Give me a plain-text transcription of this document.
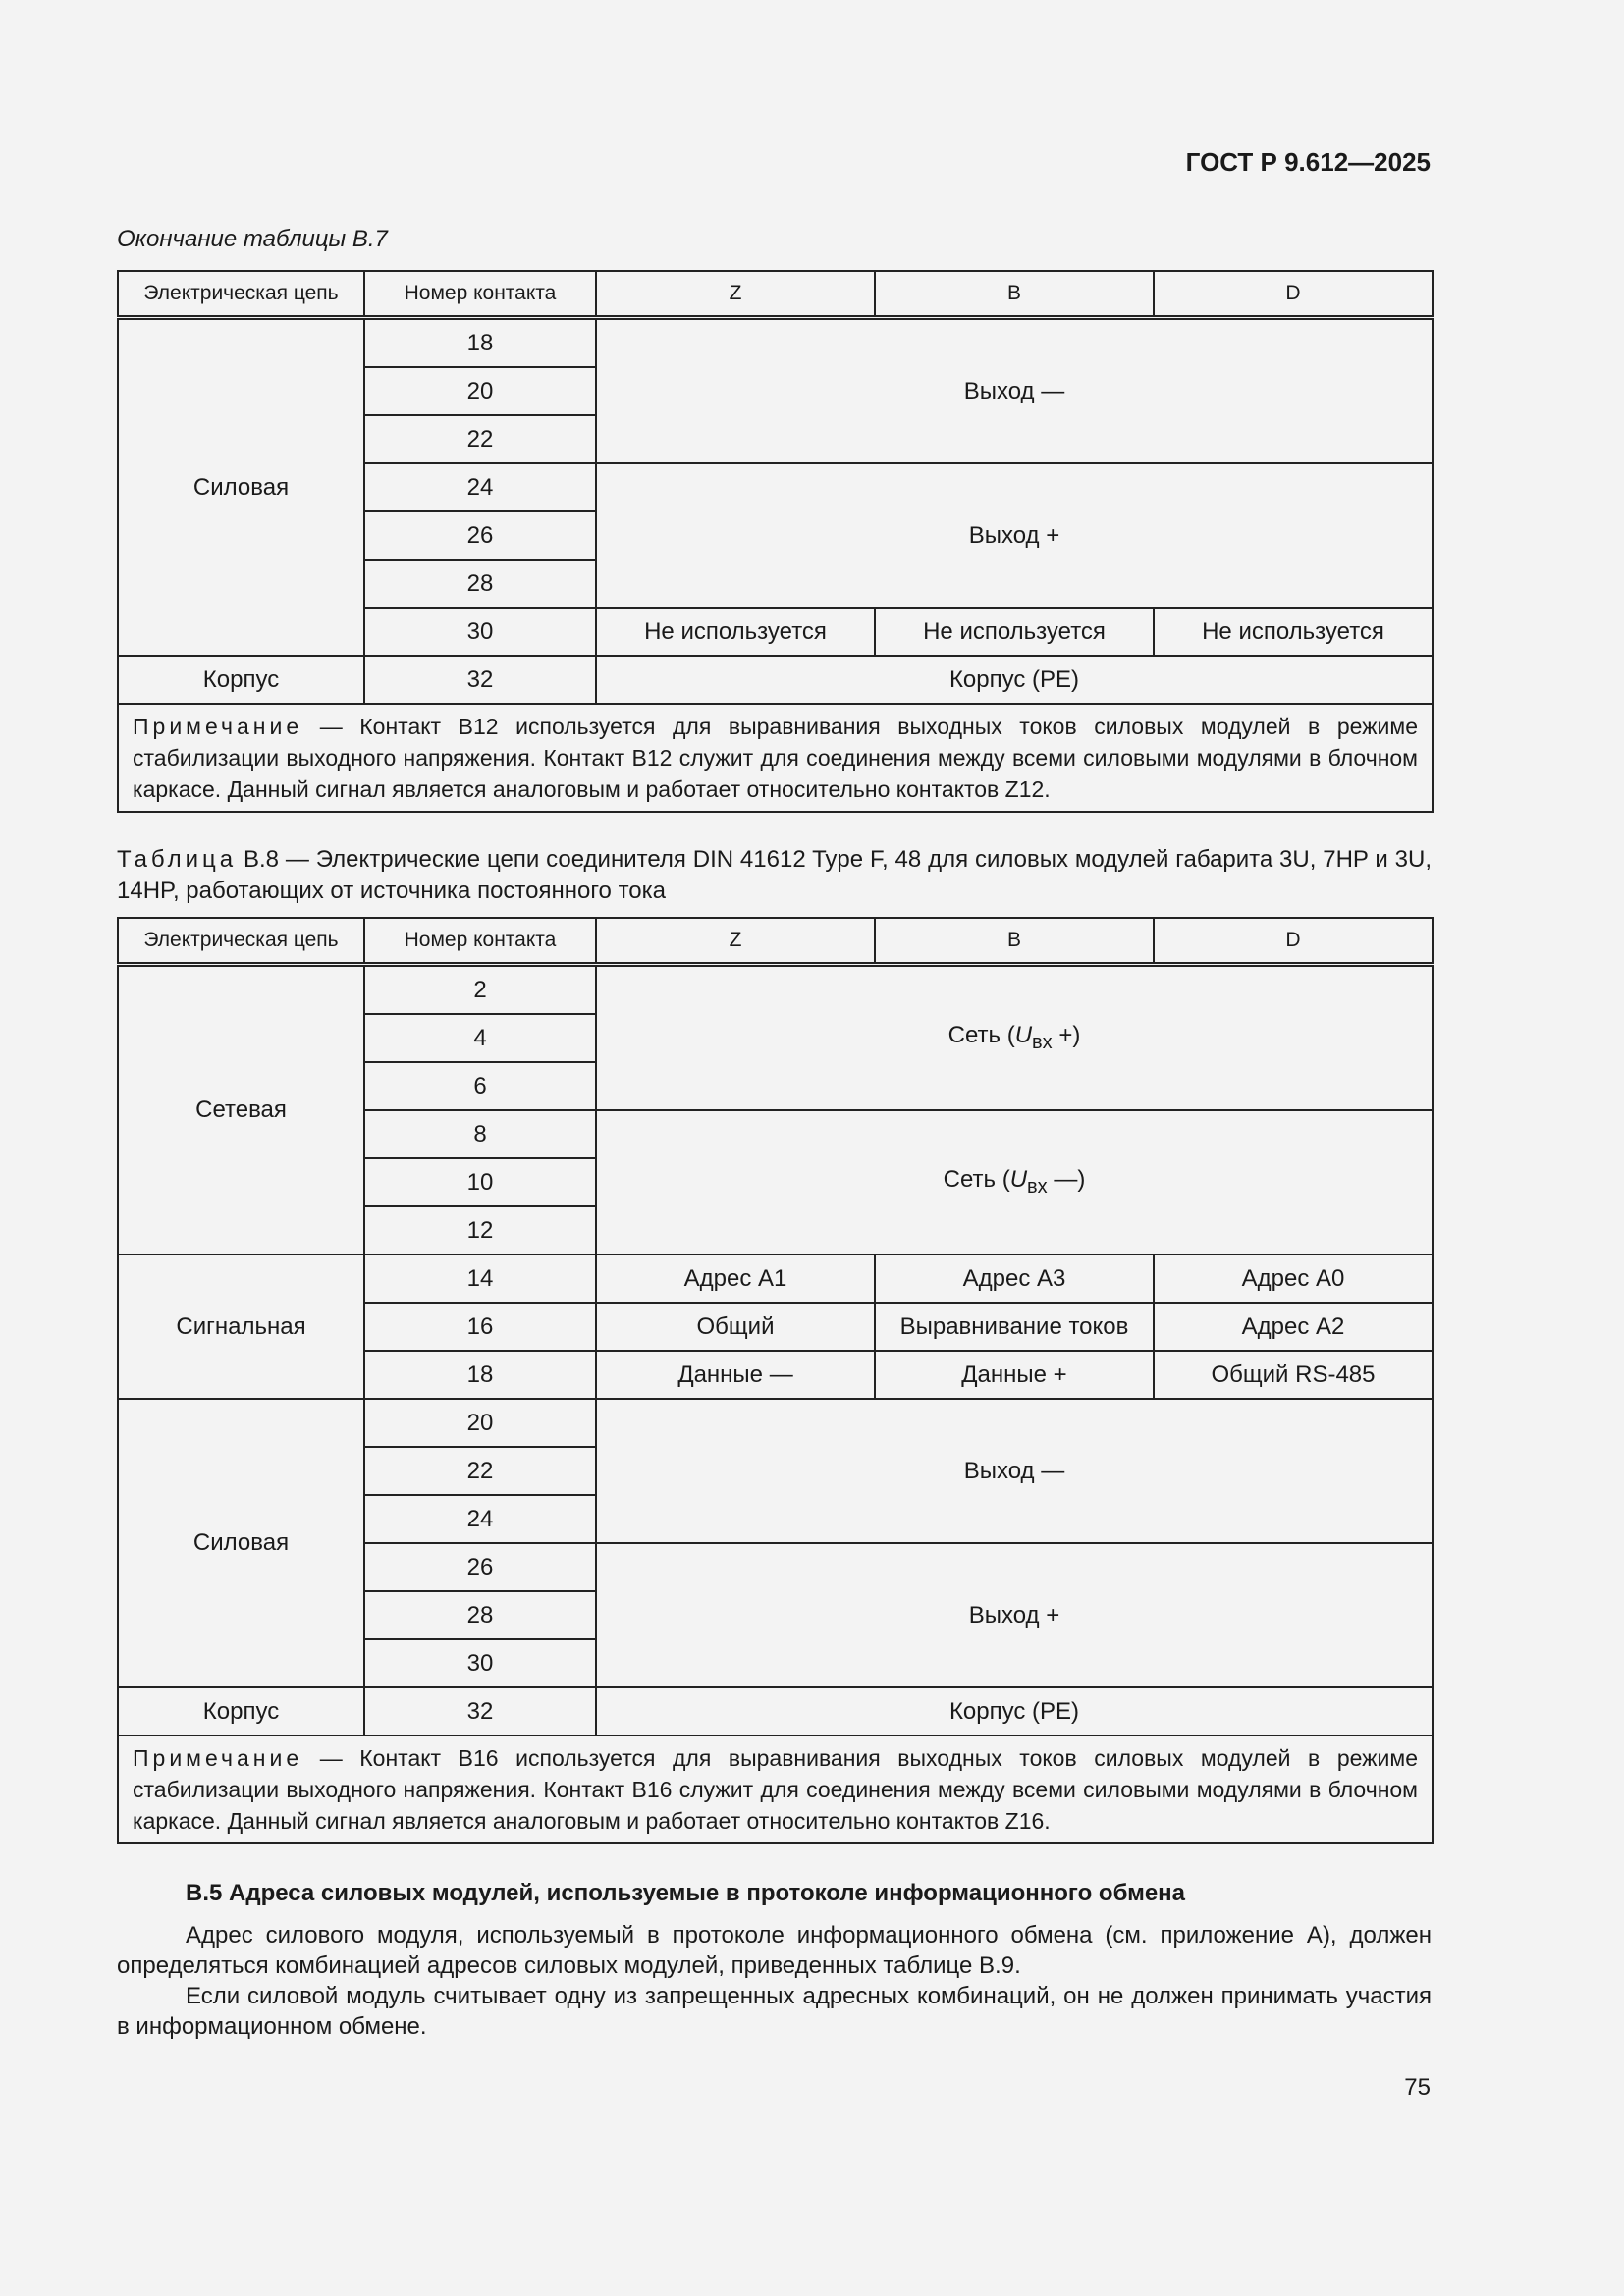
ГОСТ Р 9.612—2025
Окончание таблицы В.7
Электрическая цепь	Номер контакта	Z	B	D
Силовая	18	Выход —		
	20			
	22			
	24	Выход +		
	26			
	28			
	30	Не используется	Не используется	Не используется
Корпус	32	Корпус (PE)		
Примечание — Контакт В12 используется для выравнивания выходных токов силовых модулей в режиме стабилизации выходного напряжения. Контакт В12 служит для соединения между всеми силовыми модулями в блочном каркасе. Данный сигнал является аналоговым и работает относительно контактов Z12.				
Таблица В.8 — Электрические цепи соединителя DIN 41612 Type F, 48 для силовых модулей габарита 3U, 7HP и 3U, 14HP, работающих от источника постоянного тока
Электрическая цепь	Номер контакта	Z	B	D
Сетевая	2	Сеть ($U_{вх}$ +)		
	4			
	6			
	8	Сеть ($U_{вх}$ —)		
	10			
	12			
Сигнальная	14	Адрес А1	Адрес А3	Адрес А0
	16	Общий	Выравнивание токов	Адрес А2
	18	Данные —	Данные +	Общий RS-485
Силовая	20	Выход —		
	22			
	24			
	26	Выход +		
	28			
	30			
Корпус	32	Корпус (PE)		
Примечание — Контакт В16 используется для выравнивания выходных токов силовых модулей в режиме стабилизации выходного напряжения. Контакт В16 служит для соединения между всеми силовыми модулями в блочном каркасе. Данный сигнал является аналоговым и работает относительно контактов Z16.				
В.5 Адреса силовых модулей, используемые в протоколе информационного обмена

Адрес силового модуля, используемый в протоколе информационного обмена (см. приложение А), должен определяться комбинацией адресов силовых модулей, приведенных таблице В.9.

Если силовой модуль считывает одну из запрещенных адресных комбинаций, он не должен принимать участия в информационном обмене.

75
